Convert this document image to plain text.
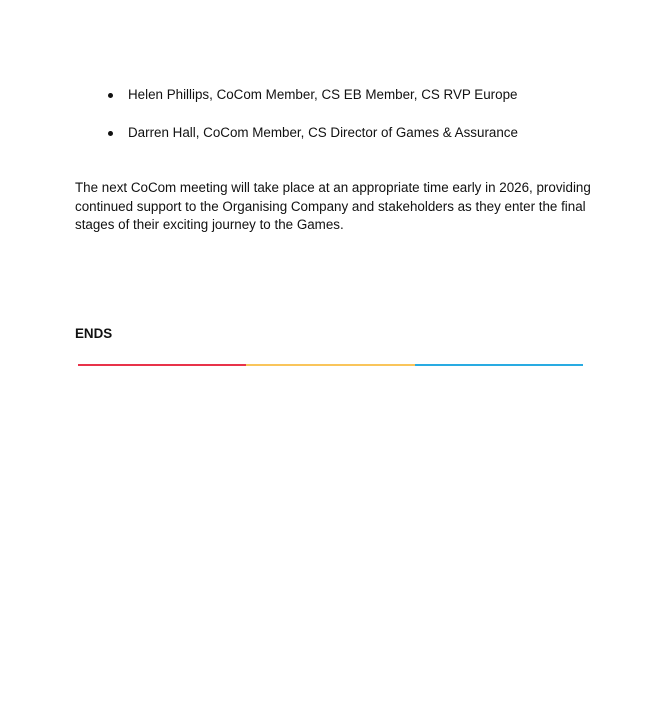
Helen Phillips, CoCom Member, CS EB Member, CS RVP Europe
Darren Hall, CoCom Member, CS Director of Games & Assurance

The next CoCom meeting will take place at an appropriate time early in 2026, providing
continued support to the Organising Company and stakeholders as they enter the final
stages of their exciting journey to the Games.

ENDS
